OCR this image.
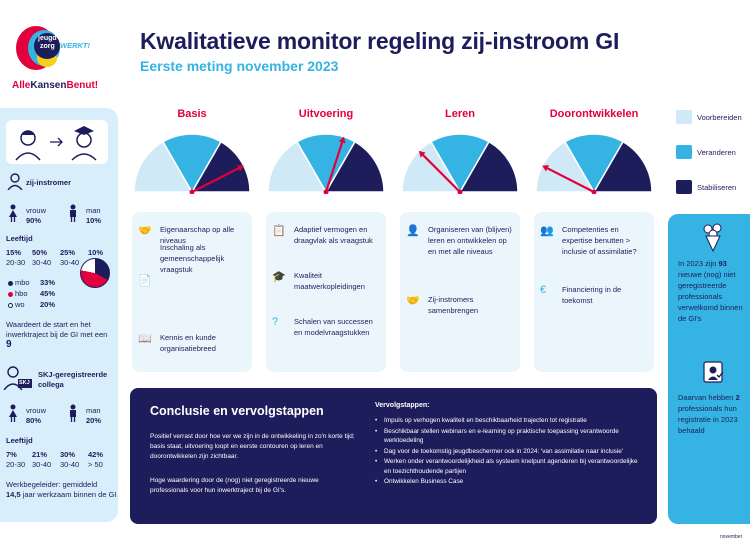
jeugd
zorg WERKT!
AlleKansenBenut!
Kwalitatieve monitor regeling zij-instroom GI
Eerste meting november 2023
zij-instromer
vrouw
90%
man
10%
Leeftijd
15% 50% 25% 10%
20-30 30-40 30-40
mbo 33%
hbo 45%
wo 20%
Waardeert de start en het inwerktraject bij de GI met een 9
SKJ
SKJ-geregistreerde collega
vrouw
80%
man
20%
Leeftijd
7% 21% 30% 42%
20-30 30-40 30-40 > 50
Werkbegeleider: gemiddeld
14,5 jaar werkzaam binnen de GI
Basis	Uitvoering	Leren	Doorontwikkelen	Voorbereiden
Veranderen
Stabiliseren
🤝 Eigenaarschap op alle niveaus
📄
Inschaling als gemeenschappelijk vraagstuk
📖 Kennis en kunde organisatiebreed
📋 Adaptief vermogen en draagvlak als vraagstuk
🎓 Kwaliteit maatwerkopleidingen
? Schalen van successen en modelvraagstukken
👤 Organiseren van (blijven) leren en ontwikkelen op en met alle niveaus
🤝 Zij-instromers samenbrengen
👥 Competenties en expertise benutten > inclusie of assimilatie?
€ Financiering in de toekomst
In 2023 zijn 93 nieuwe (nog) niet geregistreerde professionals verwelkomd binnen de GI's
Daarvan hebben 2 professionals hun registratie in 2023 behaald
Conclusie en vervolgstappen
Positief verrast door hoe ver we zijn in de ontwikkeling in zo'n korte tijd; basis staat, uitvoering loopt en eerste contouren op leren en doorontwikkelen zijn zichtbaar.
Hoge waardering door de (nog) niet geregistreerde nieuwe professionals voor hun inwerktraject bij de GI's.
Vervolgstappen:
• Impuls op verhogen kwaliteit en beschikbaarheid trajecten tot registratie
• Beschikbaar stellen webinars en e-learning op praktische toepassing verantwoorde werktoedeling
• Dag voor de toekomstig jeugdbeschermer ook in 2024: 'van assimilatie naar inclusie'
• Werken onder verantwoordelijkheid als systeem knelpunt agenderen bij verantwoordelijke en toezichthoudende partijen
• Ontwikkelen Business Case
november
